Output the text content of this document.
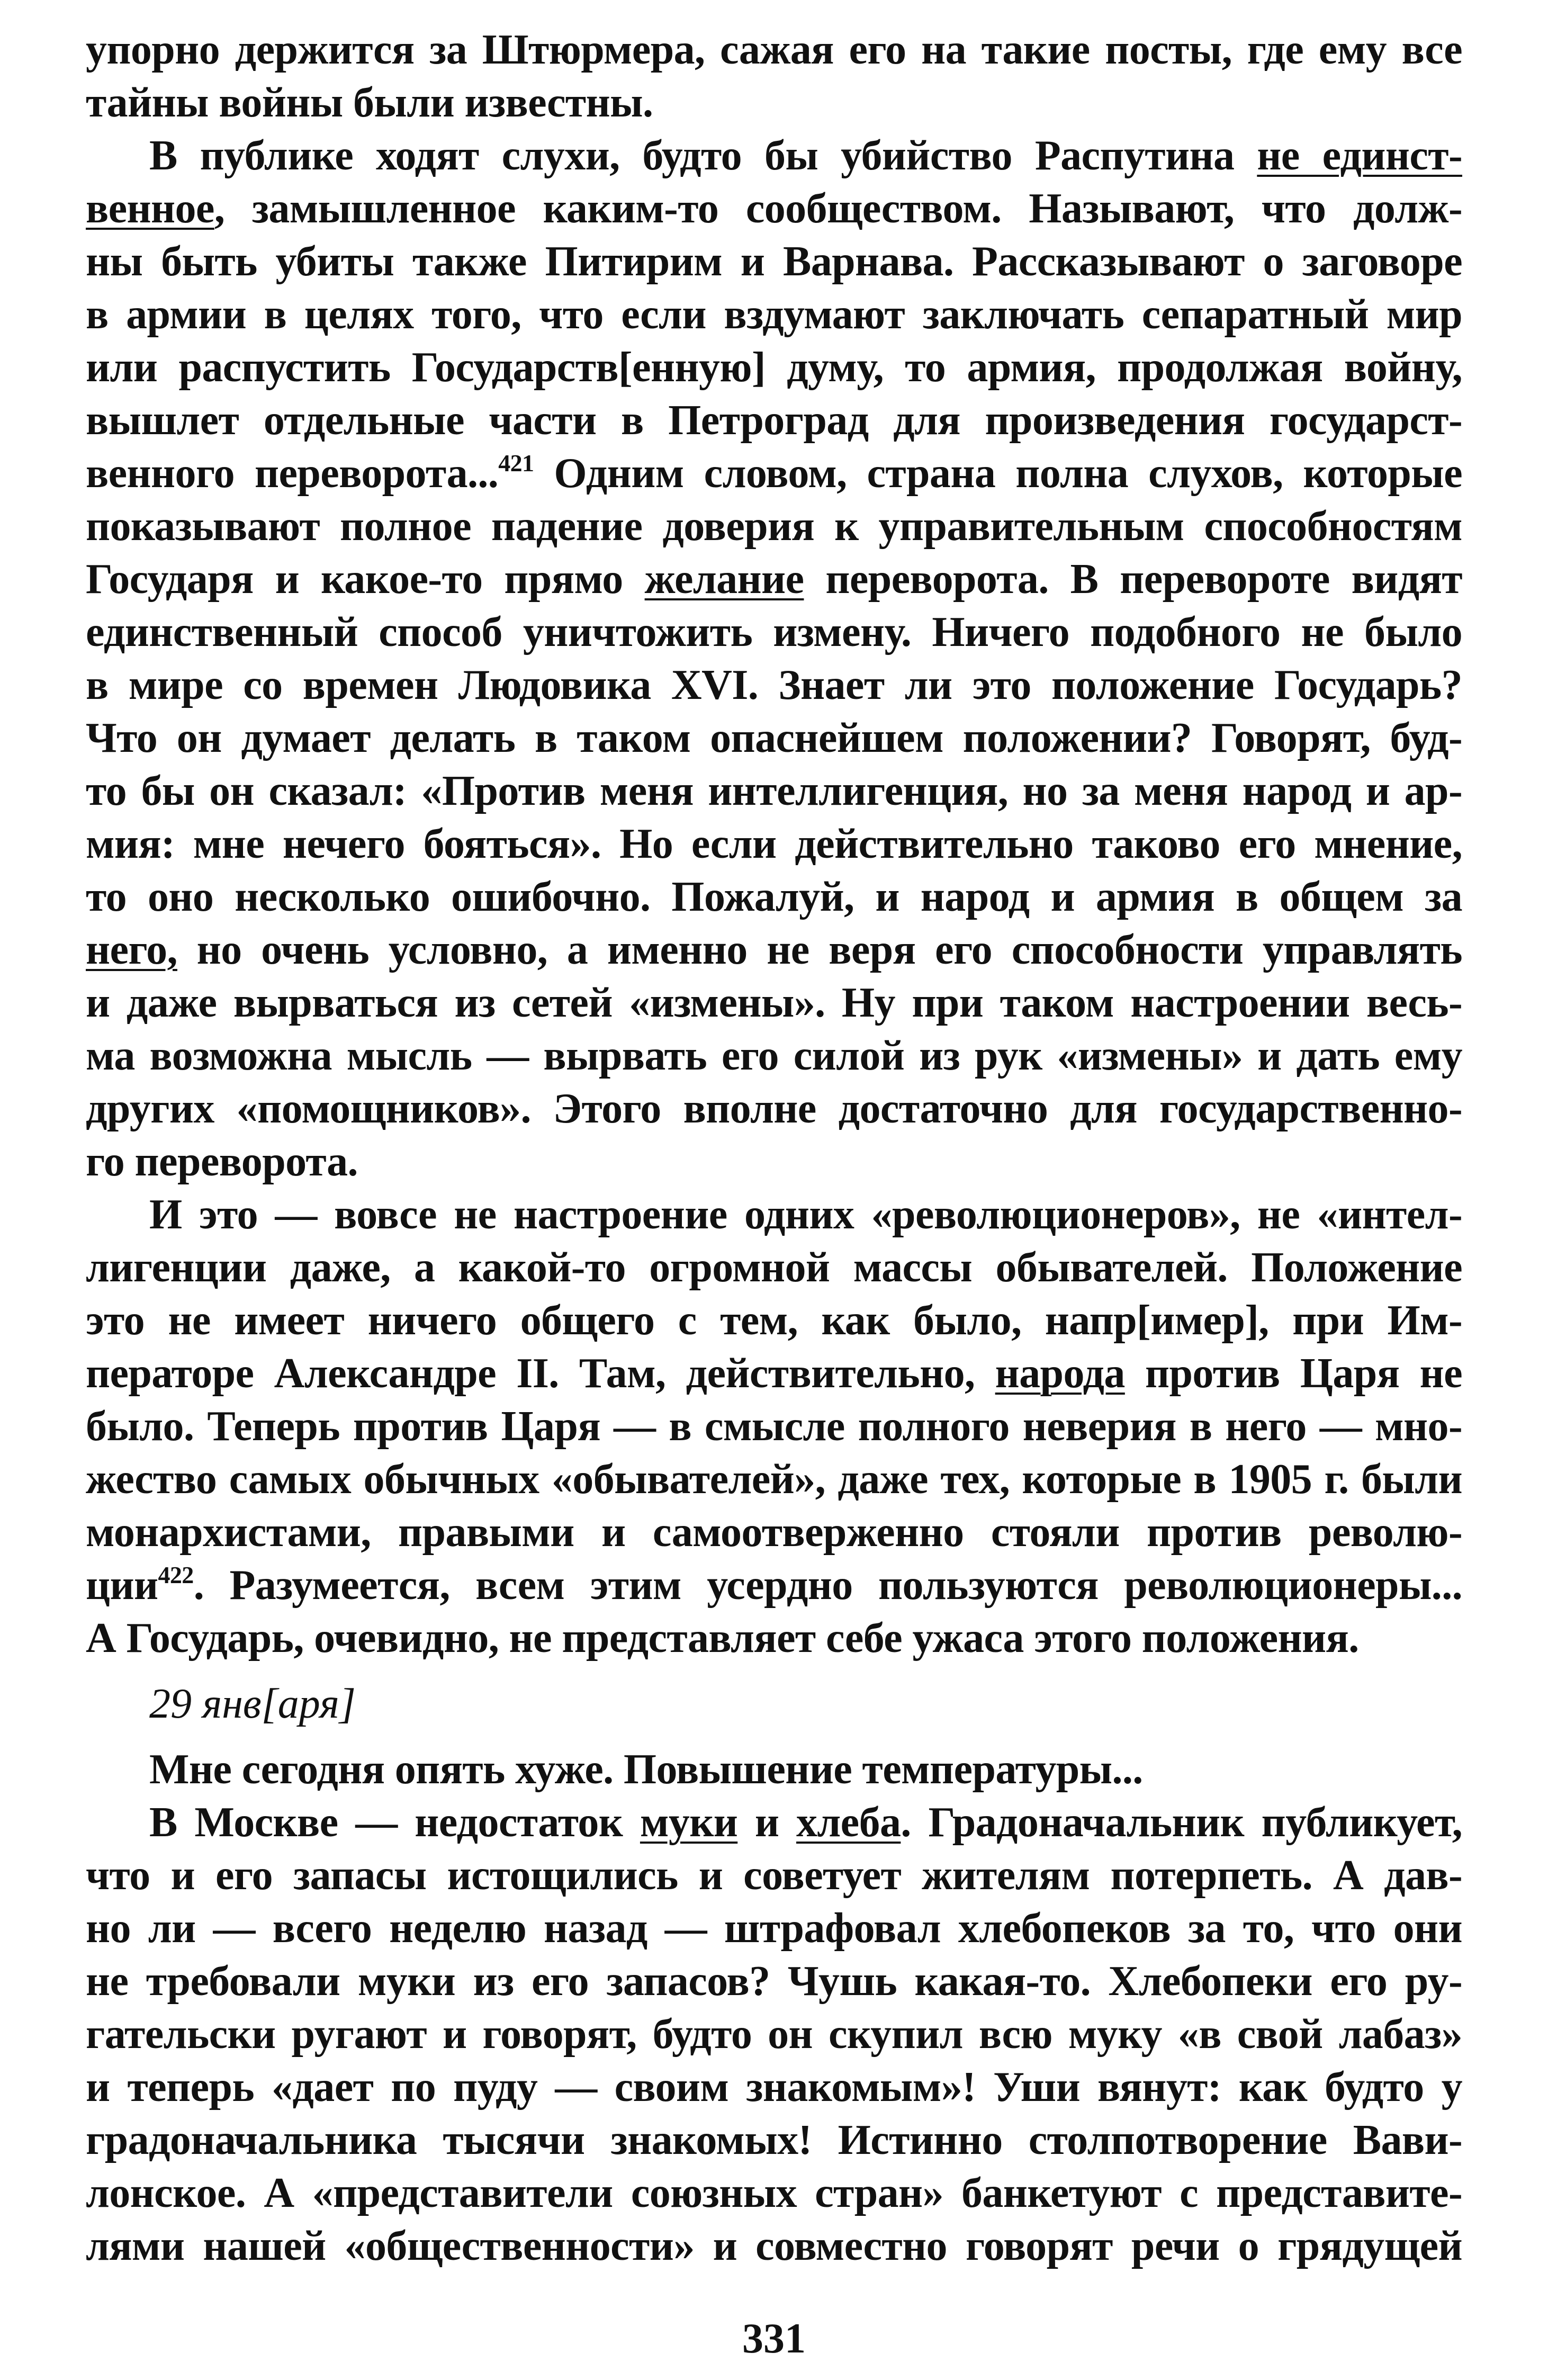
упорно держится за Штюрмера, сажая его на такие посты, где ему все
тайны войны были известны.
В публике ходят слухи, будто бы убийство Распутина не единст-
венное, замышленное каким-то сообществом. Называют, что долж-
ны быть убиты также Питирим и Варнава. Рассказывают о заговоре
в армии в целях того, что если вздумают заключать сепаратный мир
или распустить Государств[енную] думу, то армия, продолжая войну,
вышлет отдельные части в Петроград для произведения государст-
венного переворота...$^{421}$ Одним словом, страна полна слухов, которые
показывают полное падение доверия к управительным способностям
Государя и какое-то прямо желание переворота. В перевороте видят
единственный способ уничтожить измену. Ничего подобного не было
в мире со времен Людовика XVI. Знает ли это положение Государь?
Что он думает делать в таком опаснейшем положении? Говорят, буд-
то бы он сказал: «Против меня интеллигенция, но за меня народ и ар-
мия: мне нечего бояться». Но если действительно таково его мнение,
то оно несколько ошибочно. Пожалуй, и народ и армия в общем за
него, но очень условно, а именно не веря его способности управлять
и даже вырваться из сетей «измены». Ну при таком настроении весь-
ма возможна мысль — вырвать его силой из рук «измены» и дать ему
других «помощников». Этого вполне достаточно для государственно-
го переворота.
И это — вовсе не настроение одних «революционеров», не «интел-
лигенции даже, а какой-то огромной массы обывателей. Положение
это не имеет ничего общего с тем, как было, напр[имер], при Им-
ператоре Александре II. Там, действительно, народа против Царя не
было. Теперь против Царя — в смысле полного неверия в него — мно-
жество самых обычных «обывателей», даже тех, которые в 1905 г. были
монархистами, правыми и самоотверженно стояли против револю-
ции$^{422}$. Разумеется, всем этим усердно пользуются революционеры...
А Государь, очевидно, не представляет себе ужаса этого положения.
29 янв[аря]
Мне сегодня опять хуже. Повышение температуры...
В Москве — недостаток муки и хлеба. Градоначальник публикует,
что и его запасы истощились и советует жителям потерпеть. А дав-
но ли — всего неделю назад — штрафовал хлебопеков за то, что они
не требовали муки из его запасов? Чушь какая-то. Хлебопеки его ру-
гательски ругают и говорят, будто он скупил всю муку «в свой лабаз»
и теперь «дает по пуду — своим знакомым»! Уши вянут: как будто у
градоначальника тысячи знакомых! Истинно столпотворение Вави-
лонское. А «представители союзных стран» банкетуют с представите-
лями нашей «общественности» и совместно говорят речи о грядущей
331
